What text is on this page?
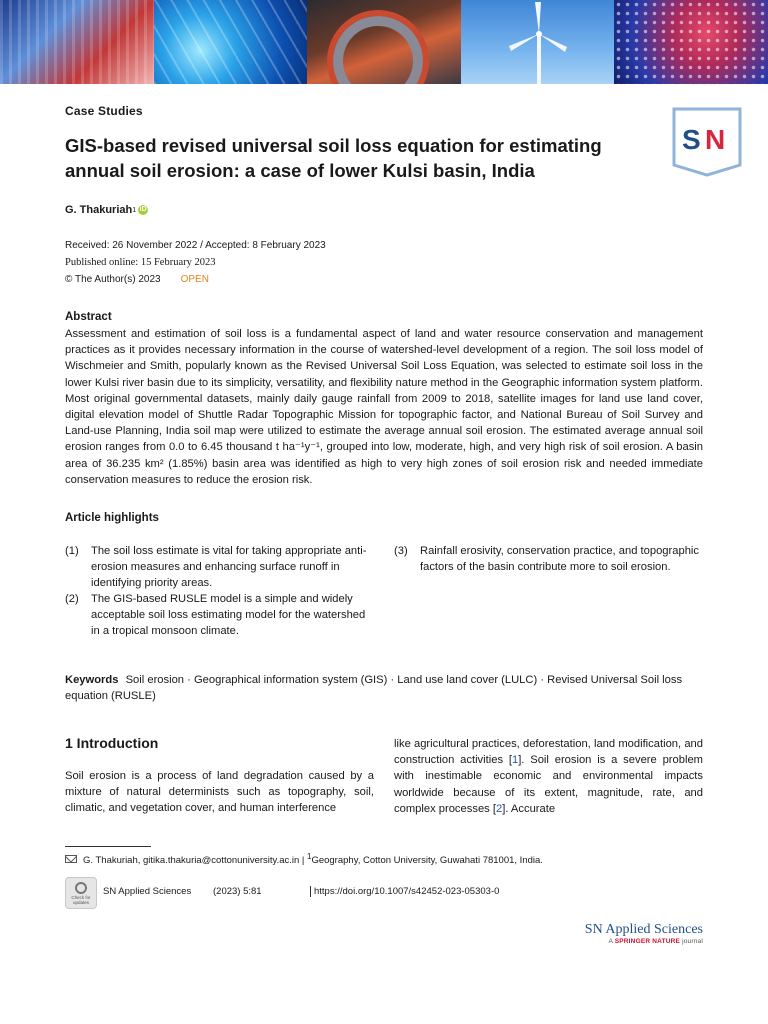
Case Studies
GIS-based revised universal soil loss equation for estimating annual soil erosion: a case of lower Kulsi basin, India
S N
G. Thakuriah 1 iD
Received: 26 November 2022 / Accepted: 8 February 2023
Published online: 15 February 2023
© The Author(s) 2023 OPEN
Abstract
Assessment and estimation of soil loss is a fundamental aspect of land and water resource conservation and management practices as it provides necessary information in the course of watershed-level development of a region. The soil loss model of Wischmeier and Smith, popularly known as the Revised Universal Soil Loss Equation, was selected to estimate soil loss in the lower Kulsi river basin due to its simplicity, versatility, and flexibility nature method in the Geographic information system platform. Most original governmental datasets, mainly daily gauge rainfall from 2009 to 2018, satellite images for land use land cover, digital elevation model of Shuttle Radar Topographic Mission for topographic factor, and National Bureau of Soil Survey and Land-use Planning, India soil map were utilized to estimate the average annual soil erosion. The estimated average annual soil erosion ranges from 0.0 to 6.45 thousand t ha⁻¹y⁻¹, grouped into low, moderate, high, and very high risk of soil erosion. A basin area of 36.235 km² (1.85%) basin area was identified as high to very high zones of soil erosion risk and needed immediate conservation measures to reduce the erosion risk.
Article highlights
(1)	The soil loss estimate is vital for taking appropriate anti-erosion measures and enhancing surface runoff in identifying priority areas.
(2)	The GIS-based RUSLE model is a simple and widely acceptable soil loss estimating model for the watershed in a tropical monsoon climate.
(3)	Rainfall erosivity, conservation practice, and topographic factors of the basin contribute more to soil erosion.
Keywords Soil erosion · Geographical information system (GIS) · Land use land cover (LULC) · Revised Universal Soil loss equation (RUSLE)
1 Introduction
Soil erosion is a process of land degradation caused by a mixture of natural determinists such as topography, soil, climatic, and vegetation cover, and human interference
like agricultural practices, deforestation, land modification, and construction activities [1]. Soil erosion is a severe problem with inestimable economic and environmental impacts worldwide because of its extent, magnitude, rate, and complex processes [2]. Accurate
G. Thakuriah, gitika.thakuria@cottonuniversity.ac.in | $^1$Geography, Cotton University, Guwahati 781001, India.
Check for updates
SN Applied Sciences (2023) 5:81	https://doi.org/10.1007/s42452-023-05303-0
SN Applied Sciences
A SPRINGER NATURE journal
